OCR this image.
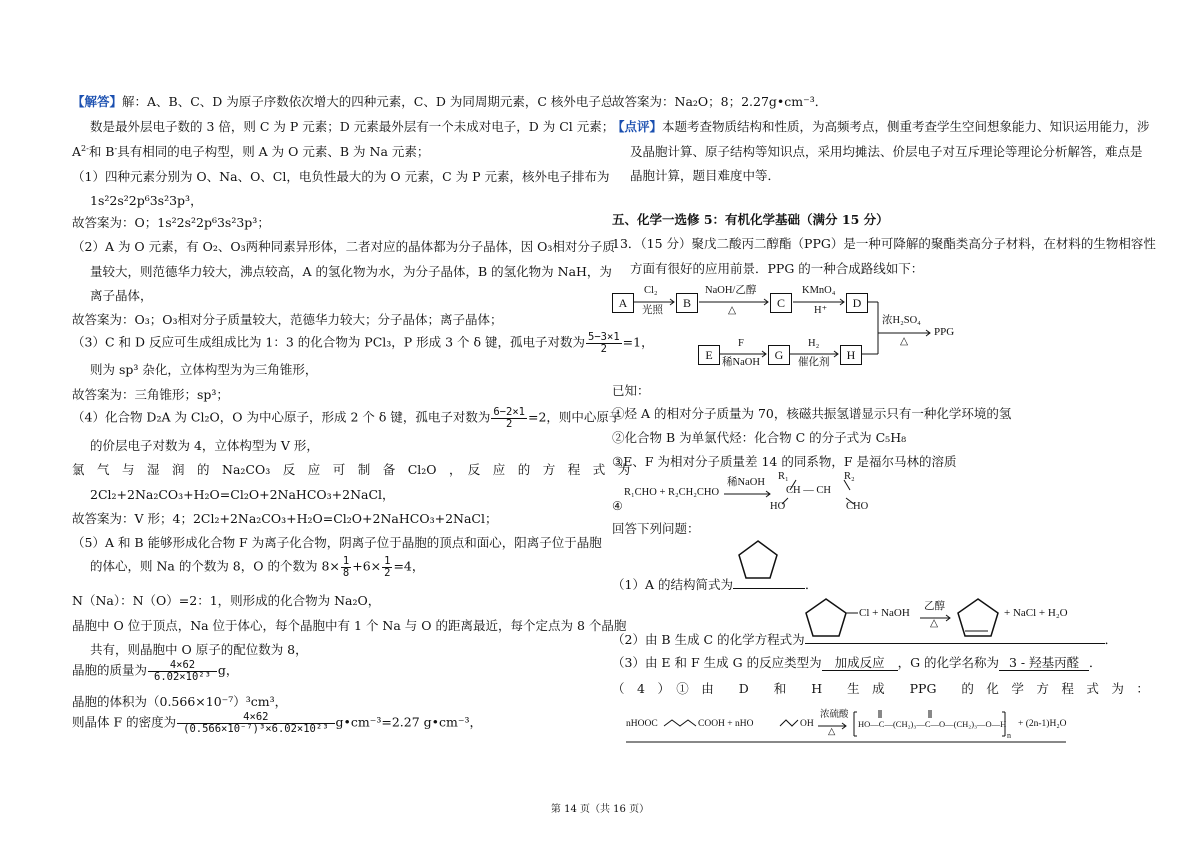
【解答】解：A、B、C、D 为原子序数依次增大的四种元素，C、D 为同周期元素，C 核外电子总
数是最外层电子数的 3 倍，则 C 为 P 元素；D 元素最外层有一个未成对电子，D 为 Cl 元素；
$A^{2-}$和 B-具有相同的电子构型，则 A 为 O 元素、B 为 Na 元素；
（1）四种元素分别为 O、Na、O、Cl，电负性最大的为 O 元素，C 为 P 元素，核外电子排布为
1s²2s²2p⁶3s²3p³，
故答案为：O；1s²2s²2p⁶3s²3p³；
（2）A 为 O 元素，有 O₂、O₃两种同素异形体，二者对应的晶体都为分子晶体，因 O₃相对分子质
量较大，则范德华力较大，沸点较高，A 的氢化物为水，为分子晶体，B 的氢化物为 NaH，为
离子晶体，
故答案为：O₃；O₃相对分子质量较大，范德华力较大；分子晶体；离子晶体；
（3）C 和 D 反应可生成组成比为 1：3 的化合物为 PCl₃，P 形成 3 个 δ 键，孤电子对数为 $\frac{5-3\times 1}{2} =1$，
则为 sp³ 杂化，立体构型为为三角锥形，
故答案为：三角锥形；sp³；
（4）化合物 D₂A 为 Cl₂O，O 为中心原子，形成 2 个 δ 键，孤电子对数为 $\frac{6-2\times 1}{2} =2$，则中心原子
的价层电子对数为 4，立体构型为 V 形，
氯　气　与　湿　润　的　Na₂CO₃　反　应　可　制　备　Cl₂O　，　反　应　的　方　程　式　为
2Cl₂+2Na₂CO₃+H₂O=Cl₂O+2NaHCO₃+2NaCl，
故答案为：V 形；4；2Cl₂+2Na₂CO₃+H₂O=Cl₂O+2NaHCO₃+2NaCl；
（5）A 和 B 能够形成化合物 F 为离子化合物，阴离子位于晶胞的顶点和面心，阳离子位于晶胞
的体心，则 Na 的个数为 8，O 的个数为 $8\times \frac{1}{8} +6\times \frac{1}{2} =4$，
N（Na）：N（O）=2：1，则形成的化合物为 Na₂O，
晶胞中 O 位于顶点，Na 位于体心，每个晶胞中有 1 个 Na 与 O 的距离最近，每个定点为 8 个晶胞
共有，则晶胞中 O 原子的配位数为 8，
晶胞的质量为 $\frac{4\times 62}{\text{6.02×10²³}}$ g，
晶胞的体积为（0.566×10⁻⁷）³cm³，
则晶体 F 的密度为 $\frac{4\times 62}{\text{(0.566×10⁻⁷)³×6.02×10²³}}$ g•cm⁻³=2.27 g•cm⁻³，
故答案为：Na₂O；8；2.27g•cm⁻³．
【点评】本题考查物质结构和性质，为高频考点，侧重考查学生空间想象能力、知识运用能力，涉
及晶胞计算、原子结构等知识点，采用均摊法、价层电子对互斥理论等理论分析解答，难点是
晶胞计算，题目难度中等．
五、化学一选修 5：有机化学基础（满分 15 分）
13．（15 分）聚戊二酸丙二醇酯（PPG）是一种可降解的聚酯类高分子材料，在材料的生物相容性
方面有很好的应用前景．PPG 的一种合成路线如下：
A	B	C	D
E	G	H
Cl₂
光照
NaOH/乙醇
△
KMnO₄
H⁺
F
稀NaOH
H₂
催化剂
浓H₂SO₄
△
PPG
已知：
①烃 A 的相对分子质量为 70，核磁共振氢谱显示只有一种化学环境的氢
②化合物 B 为单氯代烃：化合物 C 的分子式为 C₅H₈
③E、F 为相对分子质量差 14 的同系物，F 是福尔马林的溶质
④
R₁CHO + R₂CH₂CHO
稀NaOH
R₁	R₂
CH — CH
HO	CHO
回答下列问题：
（1）A 的结构简式为	．
（2）由 B 生成 C 的化学方程式为	．
Cl + NaOH
乙醇
△
+ NaCl + H₂O
（3）由 E 和 F 生成 G 的反应类型为 加成反应 ，G 的化学名称为 3 - 羟基丙醛 ．
（　4　）　①　由　　D　　和　　H　　生　成　　PPG　　的　化　学　方　程　式　为　：
nHOOC	COOH + nHO	OH
浓硫酸
△
HO—C—(CH₂)₃—C—O—(CH₂)₃—O—H
n
+ (2n-1)H₂O
第 14 页（共 16 页）
